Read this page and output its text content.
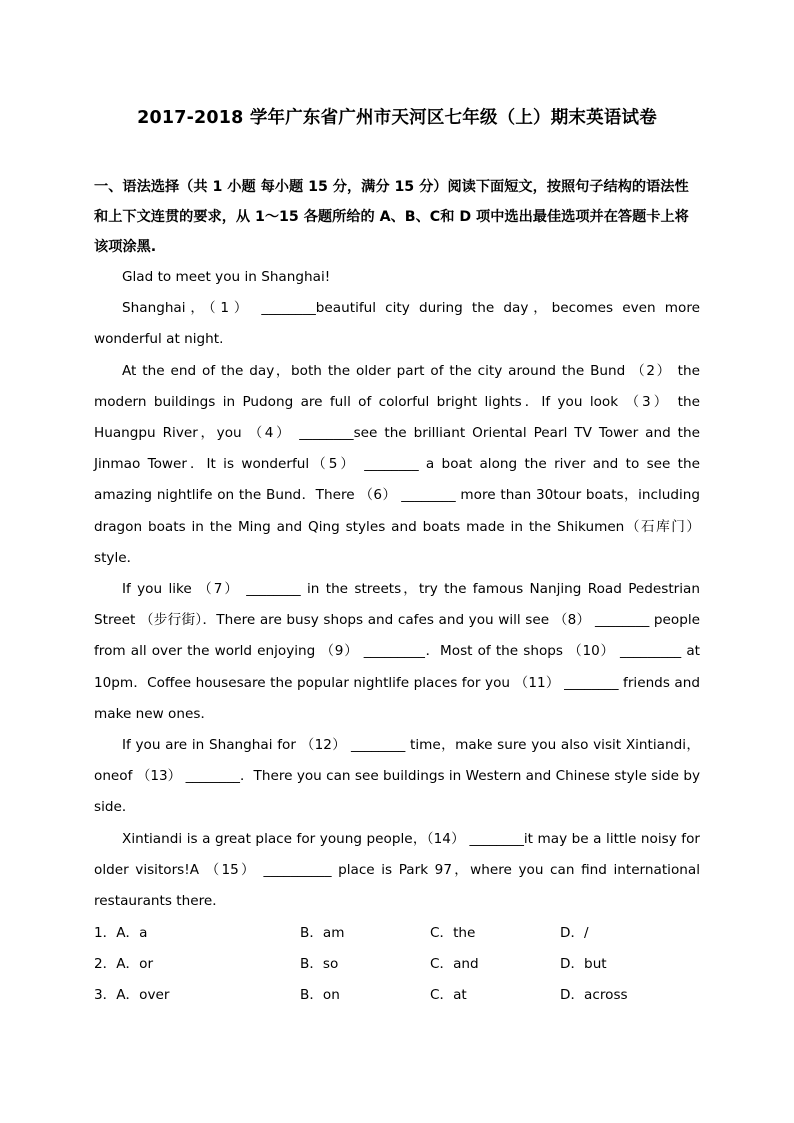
2017-2018 学年广东省广州市天河区七年级（上）期末英语试卷
一、语法选择（共 1 小题 每小题 15 分，满分 15 分）阅读下面短文，按照句子结构的语法性和上下文连贯的要求，从 1～15 各题所给的 A、B、C和 D 项中选出最佳选项并在答题卡上将该项涂黑.

Glad to meet you in Shanghai!

Shanghai，（1） ________beautiful city during the day，becomes even more wonderful at night.

At the end of the day，both the older part of the city around the Bund （2） the modern buildings in Pudong are full of colorful bright lights．If you look （3） the Huangpu River，you （4） ________see the brilliant Oriental Pearl TV Tower and the Jinmao Tower．It is wonderful（5） ________ a boat along the river and to see the amazing nightlife on the Bund．There （6） ________ more than 30tour boats，including dragon boats in the Ming and Qing styles and boats made in the Shikumen（石库门） style．

If you like （7） ________ in the streets，try the famous Nanjing Road Pedestrian Street （步行街）．There are busy shops and cafes and you will see （8） ________ people from all over the world enjoying （9） _________．Most of the shops （10） _________ at 10pm．Coffee housesare the popular nightlife places for you （11） ________ friends and make new ones．

If you are in Shanghai for （12） ________ time，make sure you also visit Xintiandi，oneof （13） ________．There you can see buildings in Western and Chinese style side by side．

Xintiandi is a great place for young people，（14） ________it may be a little noisy for older visitors!A （15） __________ place is Park 97，where you can find international restaurants there．

1．A．a	B．am	C．the	D．/
2．A．or	B．so	C．and	D．but
3．A．over	B．on	C．at	D．across
